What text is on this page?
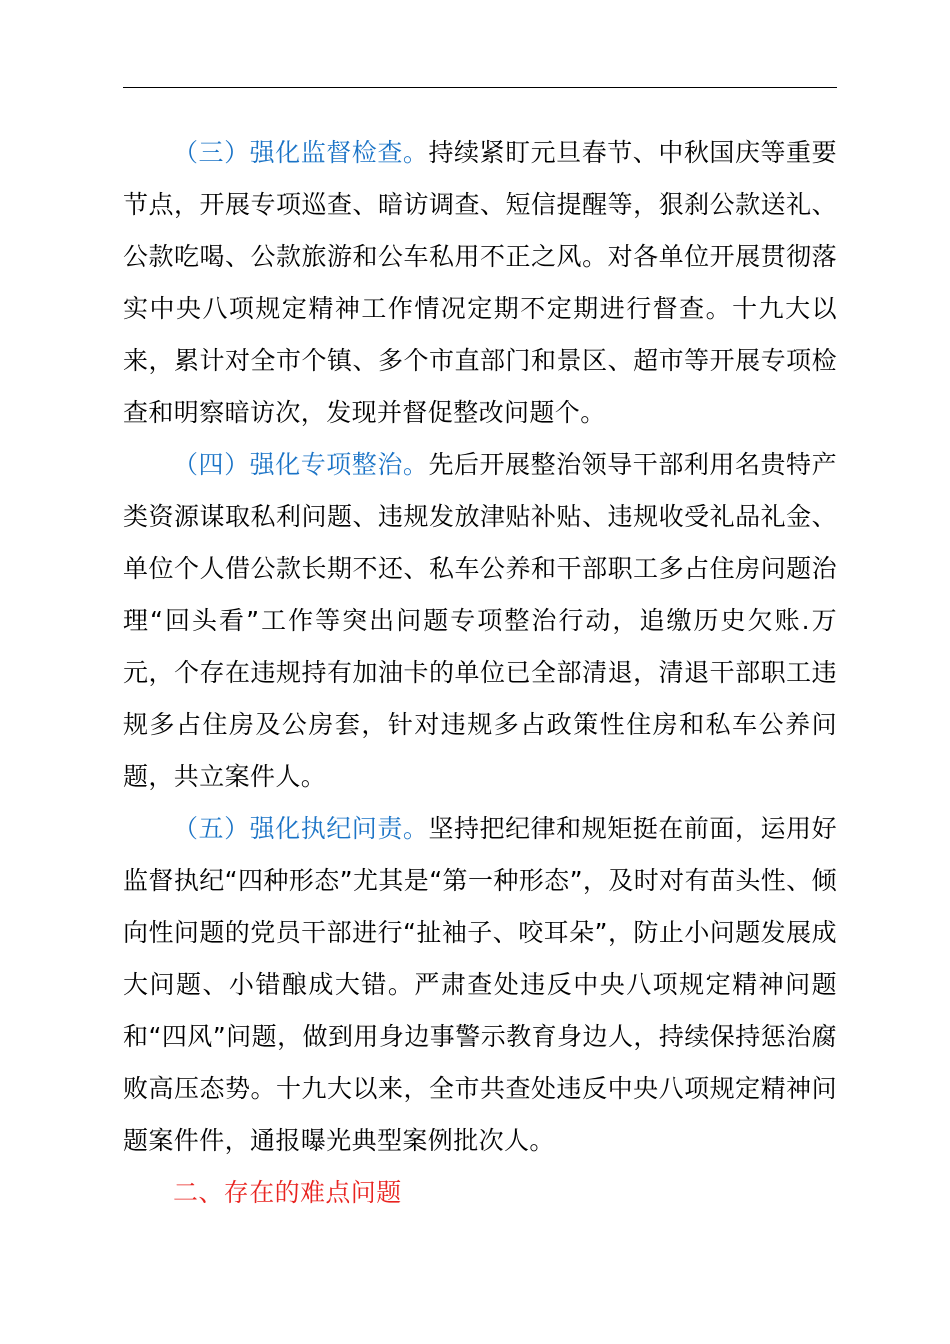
（三）强化监督检查。持续紧盯元旦春节、中秋国庆等重要节点，开展专项巡查、暗访调查、短信提醒等，狠刹公款送礼、公款吃喝、公款旅游和公车私用不正之风。对各单位开展贯彻落实中央八项规定精神工作情况定期不定期进行督查。十九大以来，累计对全市个镇、多个市直部门和景区、超市等开展专项检查和明察暗访次，发现并督促整改问题个。

（四）强化专项整治。先后开展整治领导干部利用名贵特产类资源谋取私利问题、违规发放津贴补贴、违规收受礼品礼金、单位个人借公款长期不还、私车公养和干部职工多占住房问题治理“回头看”工作等突出问题专项整治行动，追缴历史欠账.万元，个存在违规持有加油卡的单位已全部清退，清退干部职工违规多占住房及公房套，针对违规多占政策性住房和私车公养问题，共立案件人。

（五）强化执纪问责。坚持把纪律和规矩挺在前面，运用好监督执纪“四种形态”尤其是“第一种形态”，及时对有苗头性、倾向性问题的党员干部进行“扯袖子、咬耳朵”，防止小问题发展成大问题、小错酿成大错。严肃查处违反中央八项规定精神问题和“四风”问题，做到用身边事警示教育身边人，持续保持惩治腐败高压态势。十九大以来，全市共查处违反中央八项规定精神问题案件件，通报曝光典型案例批次人。

二、存在的难点问题
